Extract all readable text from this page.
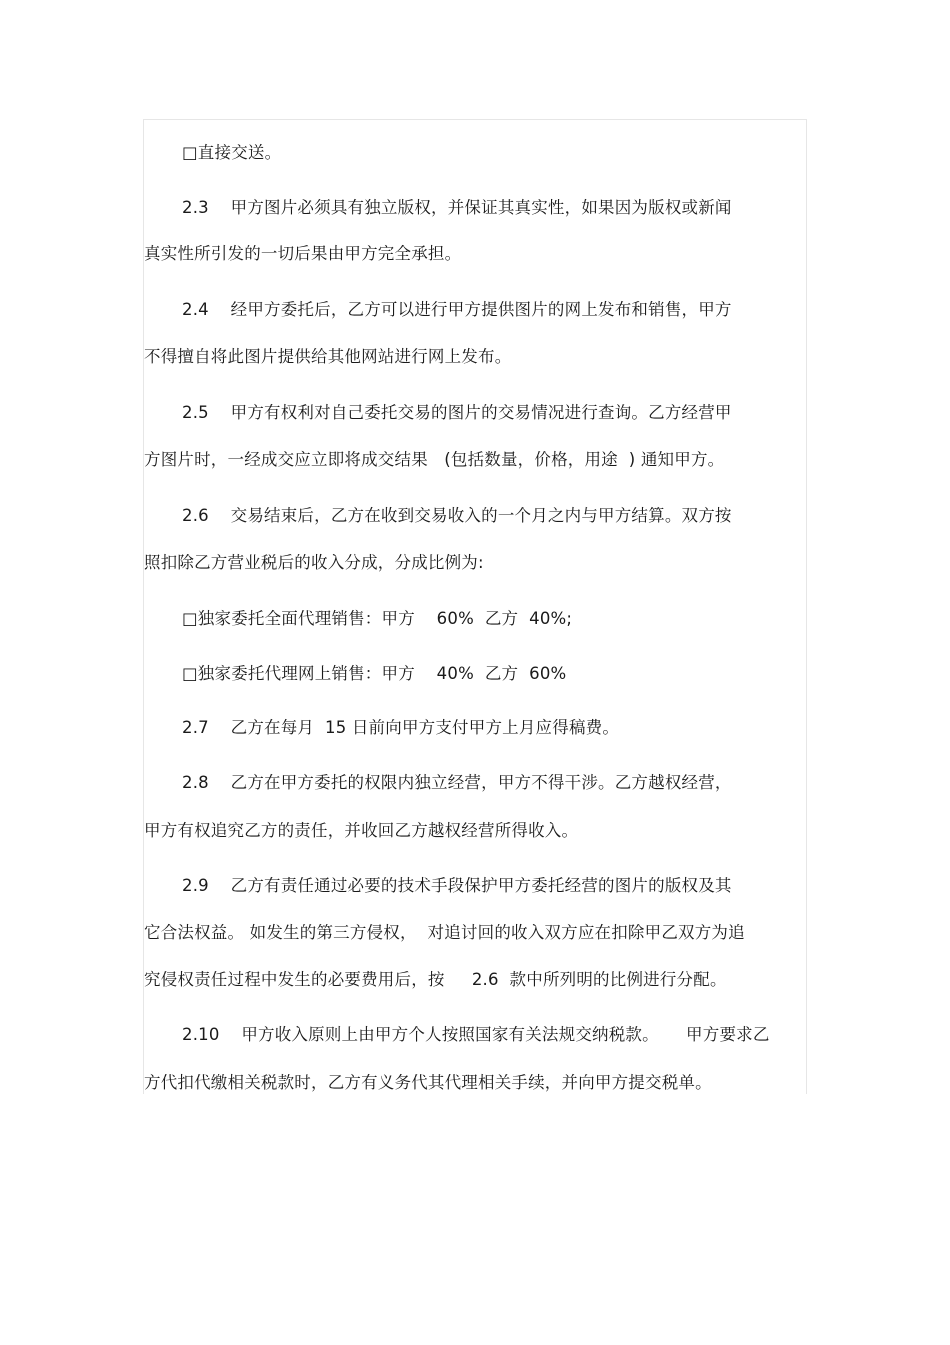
□直接交送。
2.3    甲方图片必须具有独立版权，并保证其真实性，如果因为版权或新闻
真实性所引发的一切后果由甲方完全承担。
2.4    经甲方委托后，乙方可以进行甲方提供图片的网上发布和销售，甲方
不得擅自将此图片提供给其他网站进行网上发布。
2.5    甲方有权利对自己委托交易的图片的交易情况进行查询。乙方经营甲
方图片时，一经成交应立即将成交结果   (包括数量，价格，用途  ) 通知甲方。
2.6    交易结束后，乙方在收到交易收入的一个月之内与甲方结算。双方按
照扣除乙方营业税后的收入分成，分成比例为:
□独家委托全面代理销售：甲方    60%  乙方  40%;
□独家委托代理网上销售：甲方    40%  乙方  60%
2.7    乙方在每月  15 日前向甲方支付甲方上月应得稿费。
2.8    乙方在甲方委托的权限内独立经营，甲方不得干涉。乙方越权经营，
甲方有权追究乙方的责任，并收回乙方越权经营所得收入。
2.9    乙方有责任通过必要的技术手段保护甲方委托经营的图片的版权及其
它合法权益。 如发生的第三方侵权，  对追讨回的收入双方应在扣除甲乙双方为追
究侵权责任过程中发生的必要费用后，按     2.6  款中所列明的比例进行分配。
2.10    甲方收入原则上由甲方个人按照国家有关法规交纳税款。     甲方要求乙
方代扣代缴相关税款时，乙方有义务代其代理相关手续，并向甲方提交税单。
